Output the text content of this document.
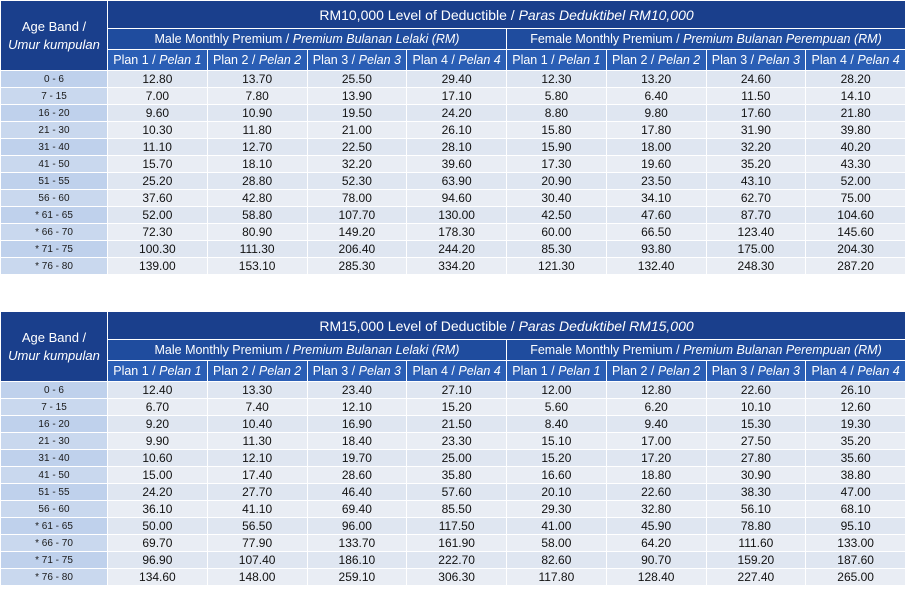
Age Band /
Umur kumpulan	RM10,000 Level of Deductible / Paras Deduktibel RM10,000							
	Male Monthly Premium / Premium Bulanan Lelaki (RM)				Female Monthly Premium / Premium Bulanan Perempuan (RM)			
	Plan 1 / Pelan 1	Plan 2 / Pelan 2	Plan 3 / Pelan 3	Plan 4 / Pelan 4	Plan 1 / Pelan 1	Plan 2 / Pelan 2	Plan 3 / Pelan 3	Plan 4 / Pelan 4
0 - 6	12.80	13.70	25.50	29.40	12.30	13.20	24.60	28.20
7 - 15	7.00	7.80	13.90	17.10	5.80	6.40	11.50	14.10
16 - 20	9.60	10.90	19.50	24.20	8.80	9.80	17.60	21.80
21 - 30	10.30	11.80	21.00	26.10	15.80	17.80	31.90	39.80
31 - 40	11.10	12.70	22.50	28.10	15.90	18.00	32.20	40.20
41 - 50	15.70	18.10	32.20	39.60	17.30	19.60	35.20	43.30
51 - 55	25.20	28.80	52.30	63.90	20.90	23.50	43.10	52.00
56 - 60	37.60	42.80	78.00	94.60	30.40	34.10	62.70	75.00
* 61 - 65	52.00	58.80	107.70	130.00	42.50	47.60	87.70	104.60
* 66 - 70	72.30	80.90	149.20	178.30	60.00	66.50	123.40	145.60
* 71 - 75	100.30	111.30	206.40	244.20	85.30	93.80	175.00	204.30
* 76 - 80	139.00	153.10	285.30	334.20	121.30	132.40	248.30	287.20
Age Band /
Umur kumpulan	RM15,000 Level of Deductible / Paras Deduktibel RM15,000							
	Male Monthly Premium / Premium Bulanan Lelaki (RM)				Female Monthly Premium / Premium Bulanan Perempuan (RM)			
	Plan 1 / Pelan 1	Plan 2 / Pelan 2	Plan 3 / Pelan 3	Plan 4 / Pelan 4	Plan 1 / Pelan 1	Plan 2 / Pelan 2	Plan 3 / Pelan 3	Plan 4 / Pelan 4
0 - 6	12.40	13.30	23.40	27.10	12.00	12.80	22.60	26.10
7 - 15	6.70	7.40	12.10	15.20	5.60	6.20	10.10	12.60
16 - 20	9.20	10.40	16.90	21.50	8.40	9.40	15.30	19.30
21 - 30	9.90	11.30	18.40	23.30	15.10	17.00	27.50	35.20
31 - 40	10.60	12.10	19.70	25.00	15.20	17.20	27.80	35.60
41 - 50	15.00	17.40	28.60	35.80	16.60	18.80	30.90	38.80
51 - 55	24.20	27.70	46.40	57.60	20.10	22.60	38.30	47.00
56 - 60	36.10	41.10	69.40	85.50	29.30	32.80	56.10	68.10
* 61 - 65	50.00	56.50	96.00	117.50	41.00	45.90	78.80	95.10
* 66 - 70	69.70	77.90	133.70	161.90	58.00	64.20	111.60	133.00
* 71 - 75	96.90	107.40	186.10	222.70	82.60	90.70	159.20	187.60
* 76 - 80	134.60	148.00	259.10	306.30	117.80	128.40	227.40	265.00
